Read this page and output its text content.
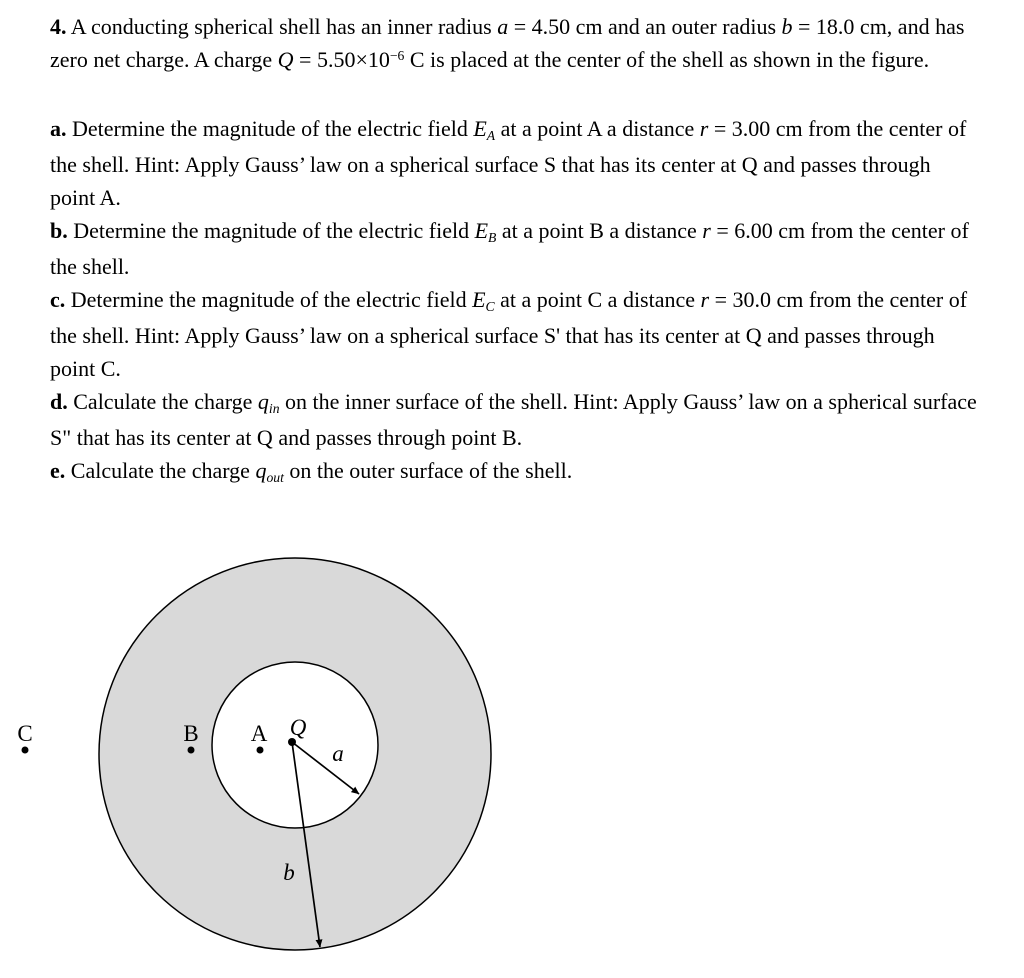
4. A conducting spherical shell has an inner radius a = 4.50 cm and an outer radius b = 18.0 cm, and has zero net charge. A charge $Q = 5.50\times 10^{-6}$ C is placed at the center of the shell as shown in the figure.

a. Determine the magnitude of the electric field EA at a point A a distance r = 3.00 cm from the center of the shell. Hint: Apply Gauss’ law on a spherical surface S that has its center at Q and passes through point A.

b. Determine the magnitude of the electric field EB at a point B a distance r = 6.00 cm from the center of the shell.

c. Determine the magnitude of the electric field EC at a point C a distance r = 30.0 cm from the center of the shell. Hint: Apply Gauss’ law on a spherical surface S' that has its center at Q and passes through point C.

d. Calculate the charge qin on the inner surface of the shell. Hint: Apply Gauss’ law on a spherical surface S" that has its center at Q and passes through point B.

e. Calculate the charge qout on the outer surface of the shell.

C	B A Q
a
b
